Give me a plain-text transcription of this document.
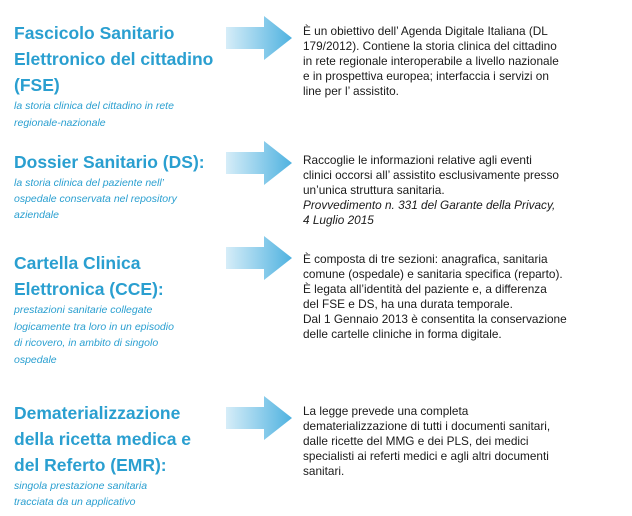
Fascicolo Sanitario
Elettronico del cittadino
(FSE)

la storia clinica del cittadino in rete
regionale-nazionale

È un obiettivo dell’ Agenda Digitale Italiana (DL
179/2012). Contiene la storia clinica del cittadino
in rete regionale interoperabile a livello nazionale
e in prospettiva europea; interfaccia i servizi on
line per l’ assistito.

Dossier Sanitario (DS):

la storia clinica del paziente nell’
ospedale conservata nel repository
aziendale

Raccoglie le informazioni relative agli eventi
clinici occorsi all’ assistito esclusivamente presso
un’unica struttura sanitaria.

Provvedimento n. 331 del Garante della Privacy,
4 Luglio 2015

Cartella Clinica
Elettronica (CCE):

prestazioni sanitarie collegate
logicamente tra loro in un episodio
di ricovero, in ambito di singolo
ospedale

È composta di tre sezioni: anagrafica, sanitaria
comune (ospedale) e sanitaria specifica (reparto).
È legata all’identità del paziente e, a differenza
del FSE e DS, ha una durata temporale.
Dal 1 Gennaio 2013 è consentita la conservazione
delle cartelle cliniche in forma digitale.

Dematerializzazione
della ricetta medica e
del Referto (EMR):

singola prestazione sanitaria
tracciata da un applicativo

La legge prevede una completa
dematerializzazione di tutti i documenti sanitari,
dalle ricette del MMG e dei PLS, dei medici
specialisti ai referti medici e agli altri documenti
sanitari.
